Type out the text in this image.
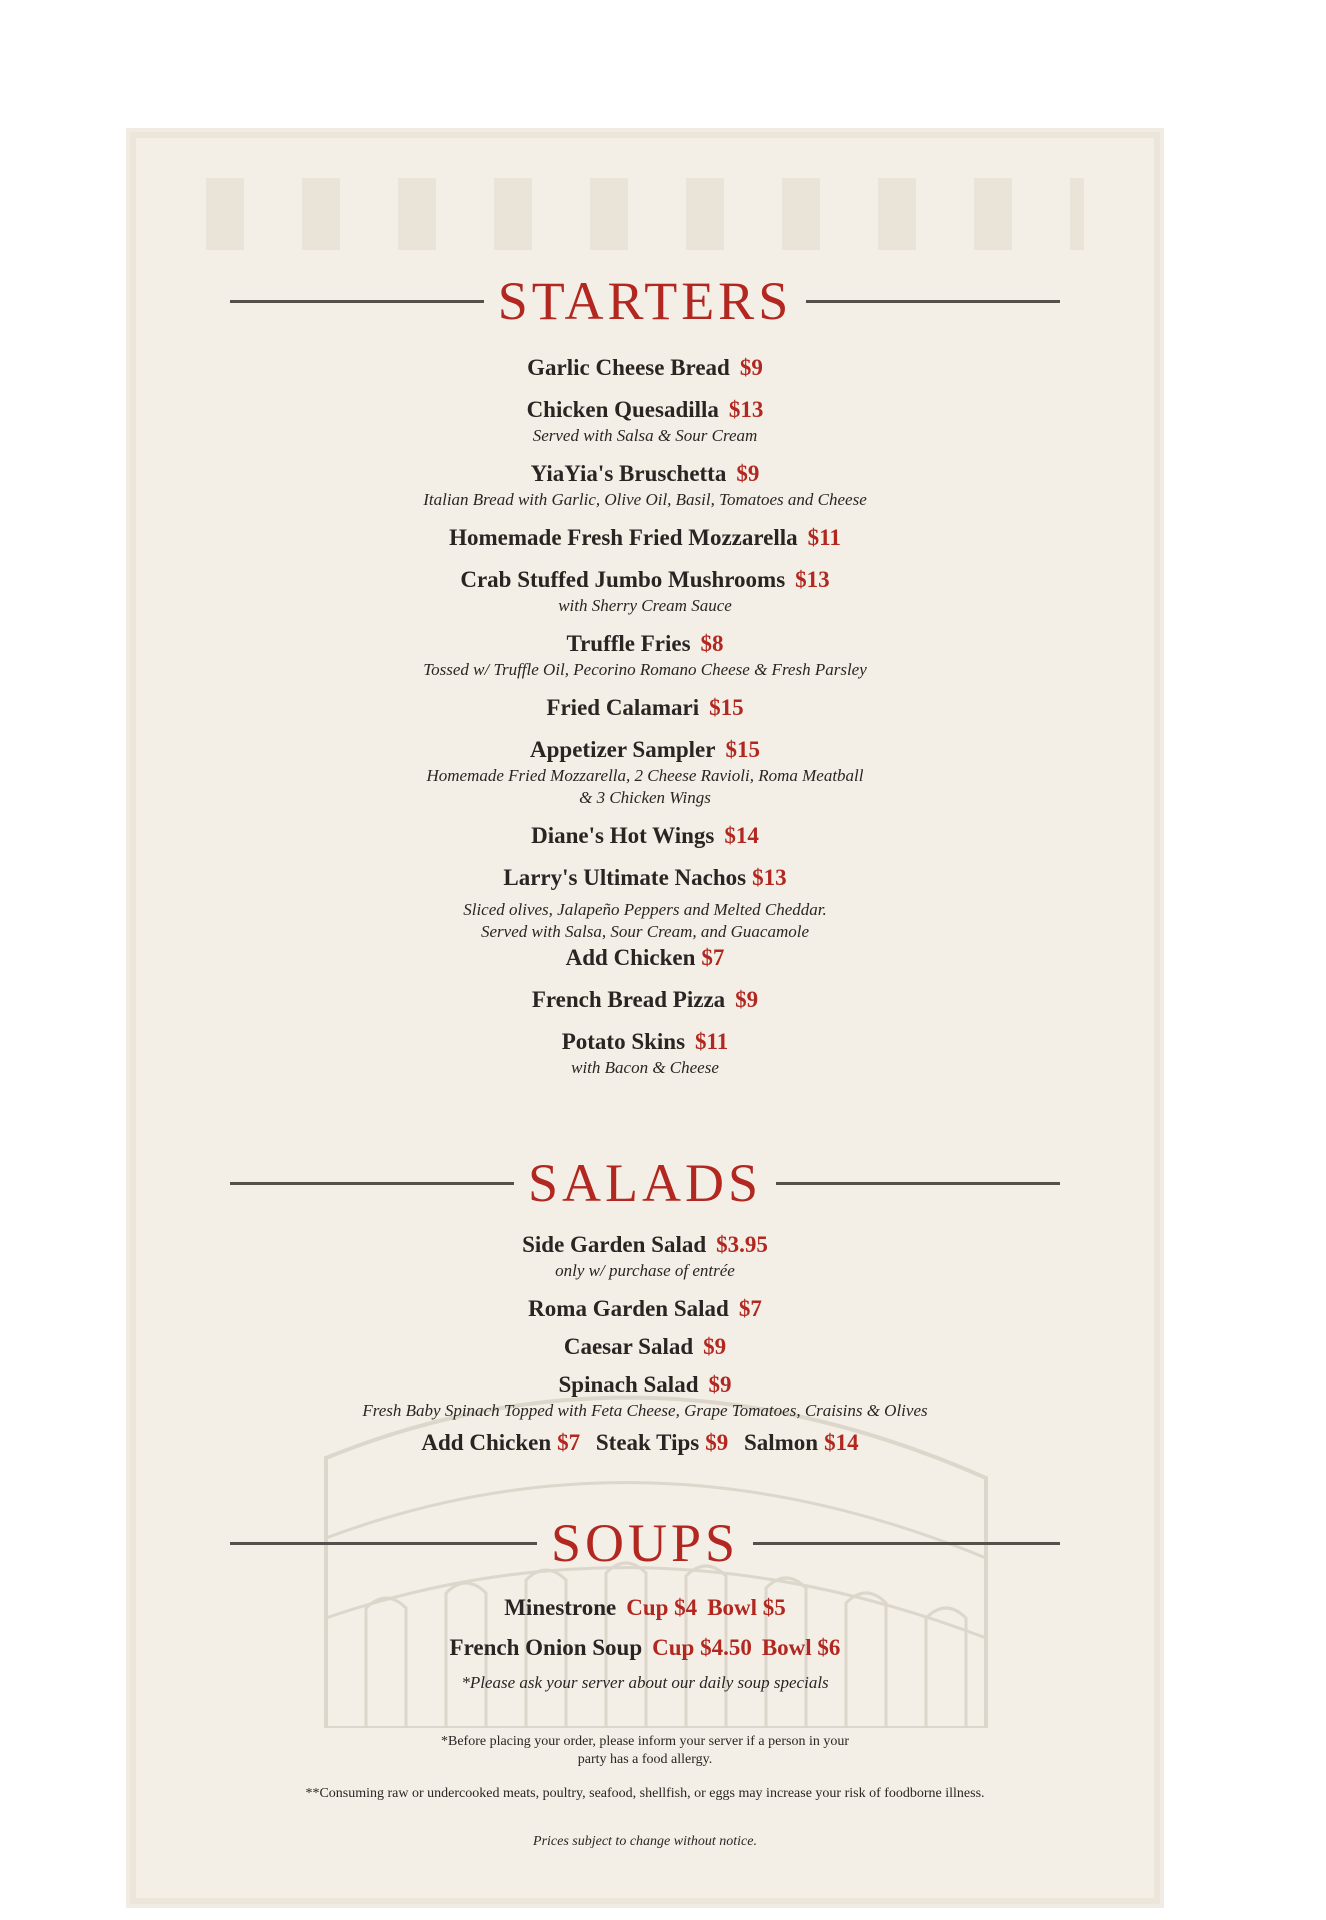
STARTERS
Garlic Cheese Bread $9
Chicken Quesadilla $13
Served with Salsa & Sour Cream
YiaYia's Bruschetta $9
Italian Bread with Garlic, Olive Oil, Basil, Tomatoes and Cheese
Homemade Fresh Fried Mozzarella $11
Crab Stuffed Jumbo Mushrooms $13
with Sherry Cream Sauce
Truffle Fries $8
Tossed w/ Truffle Oil, Pecorino Romano Cheese & Fresh Parsley
Fried Calamari $15
Appetizer Sampler $15
Homemade Fried Mozzarella, 2 Cheese Ravioli, Roma Meatball
& 3 Chicken Wings
Diane's Hot Wings $14
Larry's Ultimate Nachos $13
Sliced olives, Jalapeño Peppers and Melted Cheddar.
Served with Salsa, Sour Cream, and Guacamole
Add Chicken $7
French Bread Pizza $9
Potato Skins $11
with Bacon & Cheese
SALADS
Side Garden Salad $3.95
only w/ purchase of entrée
Roma Garden Salad $7
Caesar Salad $9
Spinach Salad $9
Fresh Baby Spinach Topped with Feta Cheese, Grape Tomatoes, Craisins & Olives
Add Chicken $7 Steak Tips $9 Salmon $14
SOUPS
Minestrone Cup $4 Bowl $5
French Onion Soup Cup $4.50 Bowl $6
*Please ask your server about our daily soup specials
*Before placing your order, please inform your server if a person in your
party has a food allergy.
**Consuming raw or undercooked meats, poultry, seafood, shellfish, or eggs may increase your risk of foodborne illness.
Prices subject to change without notice.
